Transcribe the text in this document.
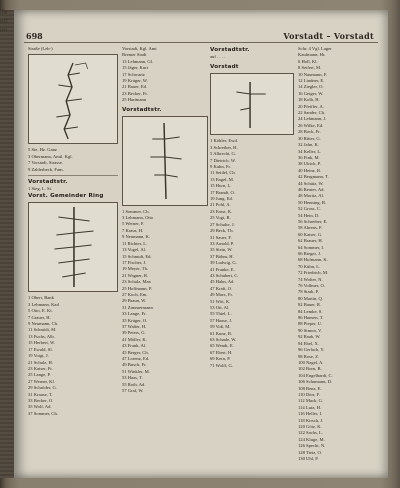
ife
ott
im
698	Vorstadt – Vorstadt
Straße (Leh-)
5 Sie, Hz. Ganz
3 Obermann, Amtl. Kgl.
7 Vorstadt, Strasse.
9 Zahlerbeck, Fam.
Vorstadtstr.
1 Sieg, L. St.
Vorst. Gemeinder Ring
1 Obert, Bank
3 Lehmann, Karl
5 Otto, E. Kt.
7 Grauer, H.
9 Neumann, Ch.
11 Schmidt, M.
13 Fuchs, Alb.
15 Herbert, W.
17 Ewald, Sl.
19 Voigt, J.
21 Schulz, H.
23 Kaiser, Fr.
25 Lange, P.
27 Werner, Kl.
29 Schröder, G.
31 Krause, T.
33 Becker, O.
35 Wolf, Ad.
37 Sommer, Ch.
Vorstadt, Kgl. Amt
Bremer Stadt
13 Lehmann, Gl.
15 Jäger, Kurt
17 Schwartz
19 Krüger, W.
21 Bauer, Ed.
23 Becker, Fr.
25 Hartmann
Vorstadtstr.
1 Sommer, Ch.
3 Lehmann, Otto
5 Werner, F.
7 Kraus, H.
9 Neumann, K.
11 Richter, L.
13 Vogel, Al.
15 Schmidt, Ed.
17 Fischer, J.
19 Meyer, Th.
21 Wagner, R.
23 Schulz, Max
25 Hoffmann, P.
27 Koch, Em.
29 Braun, W.
31 Zimmermann
33 Lange, Fr.
35 Krüger, O.
37 Walter, H.
39 Peters, G.
41 Möller, K.
43 Frank, Al.
45 Berger, Ch.
47 Lorenz, Ed.
49 Busch, Fr.
51 Winkler, M.
53 Haas, T.
55 Roth, Ad.
57 Graf, W.
Vorstadtstr.
auf . . . .
Vorstadt
1 Köhler, Ewd.
3 Schreiber, H.
5 Albrecht, G.
7 Dietrich, W.
9 Kuhn, Fr.
11 Seidel, Ch.
13 Engel, M.
15 Horn, L.
17 Brandt, O.
19 Jung, Ed.
21 Pohl, A.
23 Ernst, K.
25 Vogt, R.
27 Schulte, J.
29 Beck, Th.
31 Sauer, F.
33 Arnold, P.
35 Stein, W.
37 Böhm, H.
39 Ludwig, G.
41 Franke, E.
43 Schubert, C.
45 Hahn, Ad.
47 Kraft, O.
49 Marx, Fr.
51 Witt, K.
53 Ott, Al.
55 Thiel, L.
57 Haase, J.
59 Voß, M.
61 Kunz, R.
63 Schade, W.
65 Wendt, E.
67 Ebert, H.
69 Kern, P.
71 Wolff, G.
Schr. 4 Vgl. Lager
Kaufmann, Hr.
6 Holl, Kl.
8 Seifert, M.
10 Naumann, F.
12 Lindner, E.
14 Ziegler, O.
16 Geiger, W.
18 Kolb, H.
20 Pfeiffer, A.
22 Sander, Ch.
24 Lehmann, J.
26 Wilke, Ed.
28 Bock, Fr.
30 Ritter, G.
32 Jahn, K.
34 Keller, L.
36 Fink, M.
38 Ulrich, P.
40 Heinz, R.
42 Bergmann, T.
44 Schütz, W.
46 Reuter, Ad.
48 Moritz, Al.
50 Henning, B.
52 Gross, C.
54 Hein, D.
56 Schreiber, E.
58 Ahrens, F.
60 Kaiser, G.
62 Brauer, H.
64 Sommer, I.
66 Rieger, J.
68 Hofmann, K.
70 Kühn, L.
72 Friedrich, M.
74 Wolter, N.
76 Vollmer, O.
78 Stark, P.
80 Martin, Q.
82 Bauer, R.
84 Lemke, S.
86 Hansen, T.
88 Pieper, U.
90 Simon, V.
92 Raab, W.
94 Ebel, X.
96 Gerlach, Y.
98 Rose, Z.
100 Nagel, A.
102 Born, B.
104 Engelhardt, C.
106 Schumann, D.
108 Benz, E.
110 Dörr, F.
112 Mack, G.
114 Lutz, H.
116 Heller, I.
118 Kirsch, J.
120 Götz, K.
122 Sachs, L.
124 Kluge, M.
126 Specht, N.
128 Tietz, O.
130 Uhl, P.
